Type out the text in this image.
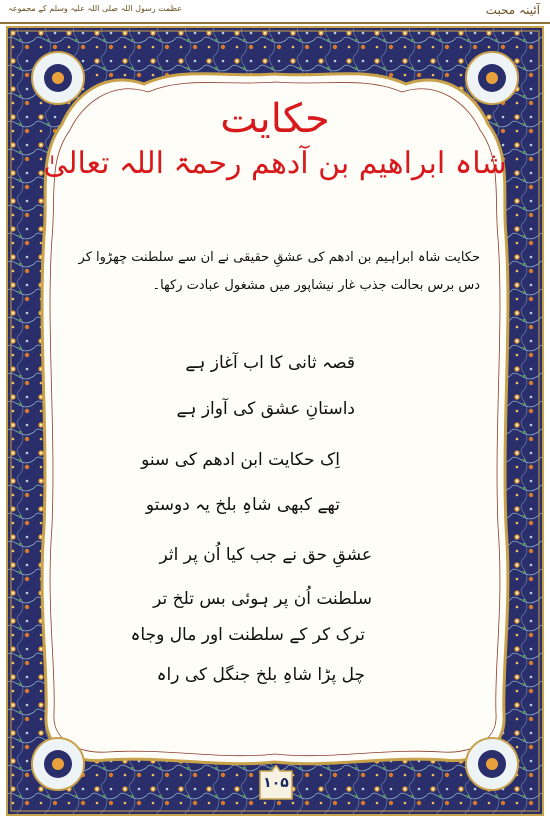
عظمت رسول اللہ صلی اللہ علیہ وسلم کے مجموعہ	آئینہ محبت
۱۰۵
حکایت
شاہ ابراھیم بن آدھم رحمۃ اللہ تعالیٰ
حکایت شاہ ابراہیم بن ادھم کی عشقِ حقیقی نے ان سے سلطنت چھڑوا کر دس برس بحالت جذب غار نیشاپور میں مشغول عبادت رکھا۔
قصہ ثانی کا اب آغاز ہے
داستانِ عشق کی آواز ہے
اِک حکایت ابن ادھم کی سنو
تھے کبھی شاہِ بلخ یہ دوستو
عشقِ حق نے جب کیا اُن پر اثر
سلطنت اُن پر ہوئی بس تلخ تر
ترک کر کے سلطنت اور مال وجاہ
چل پڑا شاہِ بلخ جنگل کی راہ
